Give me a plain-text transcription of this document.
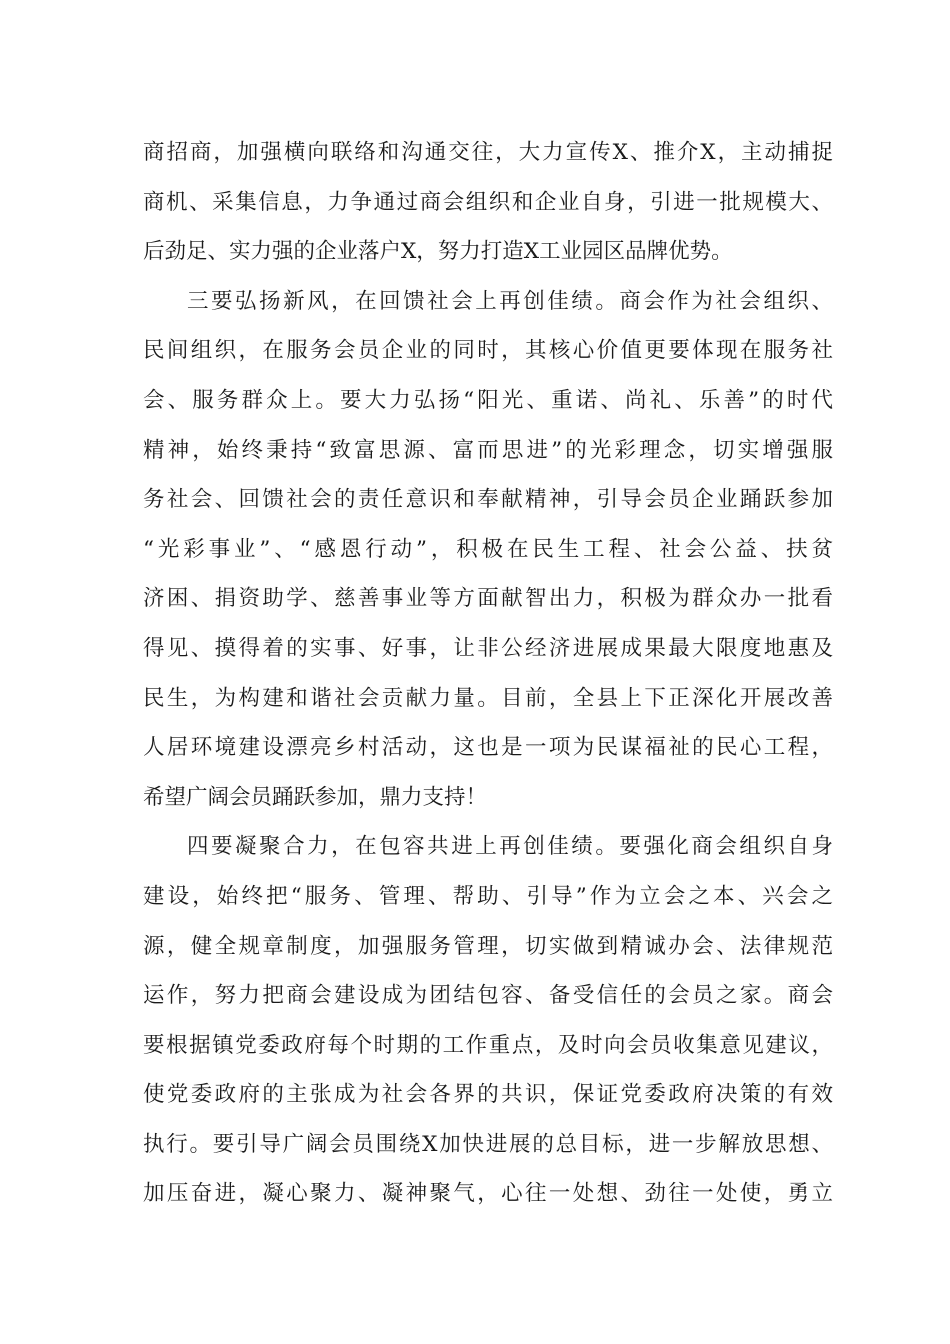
商招商，加强横向联络和沟通交往，大力宣传X、推介X，主动捕捉
商机、采集信息，力争通过商会组织和企业自身，引进一批规模大、
后劲足、实力强的企业落户X，努力打造X工业园区品牌优势。
三要弘扬新风，在回馈社会上再创佳绩。商会作为社会组织、
民间组织，在服务会员企业的同时，其核心价值更要体现在服务社
会、服务群众上。要大力弘扬“阳光、重诺、尚礼、乐善”的时代
精神，始终秉持“致富思源、富而思进”的光彩理念，切实增强服
务社会、回馈社会的责任意识和奉献精神，引导会员企业踊跃参加
“光彩事业”、“感恩行动”，积极在民生工程、社会公益、扶贫
济困、捐资助学、慈善事业等方面献智出力，积极为群众办一批看
得见、摸得着的实事、好事，让非公经济进展成果最大限度地惠及
民生，为构建和谐社会贡献力量。目前，全县上下正深化开展改善
人居环境建设漂亮乡村活动，这也是一项为民谋福祉的民心工程，
希望广阔会员踊跃参加，鼎力支持！
四要凝聚合力，在包容共进上再创佳绩。要强化商会组织自身
建设，始终把“服务、管理、帮助、引导”作为立会之本、兴会之
源，健全规章制度，加强服务管理，切实做到精诚办会、法律规范
运作，努力把商会建设成为团结包容、备受信任的会员之家。商会
要根据镇党委政府每个时期的工作重点，及时向会员收集意见建议，
使党委政府的主张成为社会各界的共识，保证党委政府决策的有效
执行。要引导广阔会员围绕X加快进展的总目标，进一步解放思想、
加压奋进，凝心聚力、凝神聚气，心往一处想、劲往一处使，勇立
